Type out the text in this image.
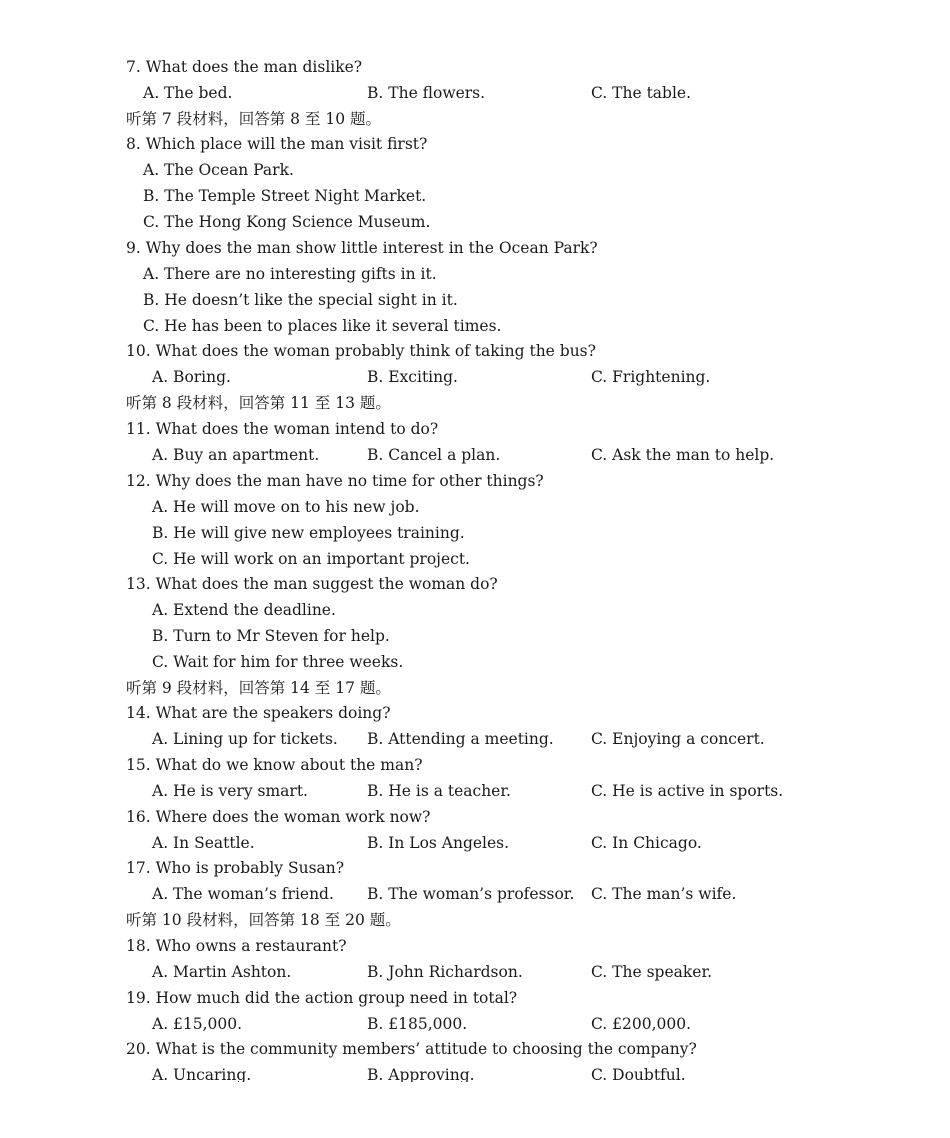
7. What does the man dislike?
A. The bed.	B. The flowers.	C. The table.
听第 7 段材料，回答第 8 至 10 题。
8. Which place will the man visit first?
A. The Ocean Park.
B. The Temple Street Night Market.
C. The Hong Kong Science Museum.
9. Why does the man show little interest in the Ocean Park?
A. There are no interesting gifts in it.
B. He doesn’t like the special sight in it.
C. He has been to places like it several times.
10. What does the woman probably think of taking the bus?
A. Boring.	B. Exciting.	C. Frightening.
听第 8 段材料，回答第 11 至 13 题。
11. What does the woman intend to do?
A. Buy an apartment.	B. Cancel a plan.	C. Ask the man to help.
12. Why does the man have no time for other things?
A. He will move on to his new job.
B. He will give new employees training.
C. He will work on an important project.
13. What does the man suggest the woman do?
A. Extend the deadline.
B. Turn to Mr Steven for help.
C. Wait for him for three weeks.
听第 9 段材料，回答第 14 至 17 题。
14. What are the speakers doing?
A. Lining up for tickets. B. Attending a meeting. C. Enjoying a concert.
15. What do we know about the man?
A. He is very smart.	B. He is a teacher.	C. He is active in sports.
16. Where does the woman work now?
A. In Seattle.	B. In Los Angeles.	C. In Chicago.
17. Who is probably Susan?
A. The woman’s friend. B. The woman’s professor. C. The man’s wife.
听第 10 段材料，回答第 18 至 20 题。
18. Who owns a restaurant?
A. Martin Ashton.	B. John Richardson.	C. The speaker.
19. How much did the action group need in total?
A. £15,000.	B. £185,000.	C. £200,000.
20. What is the community members’ attitude to choosing the company?
A. Uncaring.	B. Approving.	C. Doubtful.
